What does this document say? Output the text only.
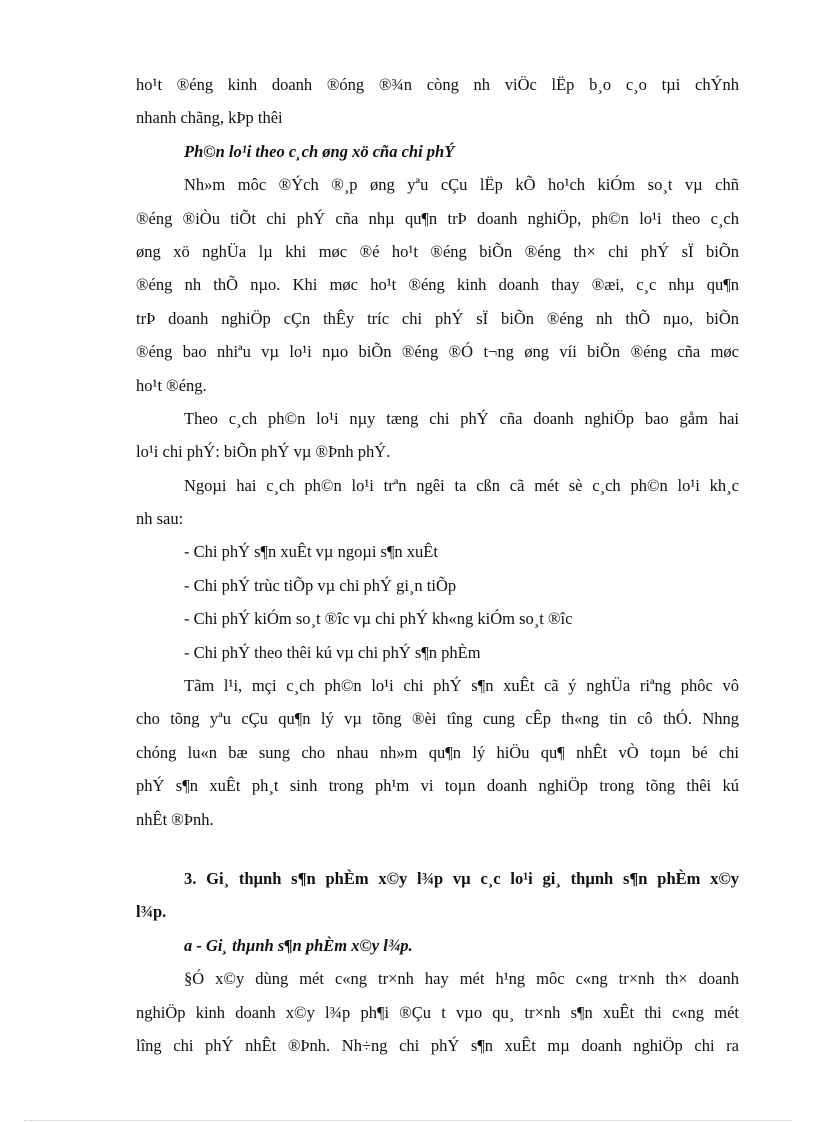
ho¹t ®éng kinh doanh ®óng ®¾n còng nh viÖc lËp b¸o c¸o tµi chÝnh
nhanh chãng, kÞp thêi
Ph©n lo¹i theo c¸ch øng xö cña chi phÝ
Nh»m môc ®Ých ®¸p øng yªu cÇu lËp kÕ ho¹ch kiÓm so¸t vµ chñ
®éng ®iÒu tiÕt chi phÝ cña nhµ qu¶n trÞ doanh nghiÖp, ph©n lo¹i theo c¸ch
øng xö nghÜa lµ khi møc ®é ho¹t ®éng biÕn ®éng th× chi phÝ sÏ biÕn
®éng nh thÕ nµo. Khi møc ho¹t ®éng kinh doanh thay ®æi, c¸c nhµ qu¶n
trÞ doanh nghiÖp cÇn thÊy tríc chi phÝ sÏ biÕn ®éng nh thÕ nµo, biÕn
®éng bao nhiªu vµ lo¹i nµo biÕn ®éng ®Ó t¬ng øng víi biÕn ®éng cña møc
ho¹t ®éng.
Theo c¸ch ph©n lo¹i nµy tæng chi phÝ cña doanh nghiÖp bao gåm hai
lo¹i chi phÝ: biÕn phÝ vµ ®Þnh phÝ.
Ngoµi hai c¸ch ph©n lo¹i trªn ngêi ta cßn cã mét sè c¸ch ph©n lo¹i kh¸c
nh sau:
- Chi phÝ s¶n xuÊt vµ ngoµi s¶n xuÊt
- Chi phÝ trùc tiÕp vµ chi phÝ gi¸n tiÕp
- Chi phÝ kiÓm so¸t ®îc vµ chi phÝ kh«ng kiÓm so¸t ®îc
- Chi phÝ theo thêi kú vµ chi phÝ s¶n phÈm
Tãm l¹i, mçi c¸ch ph©n lo¹i chi phÝ s¶n xuÊt cã ý nghÜa riªng phôc vô
cho tõng yªu cÇu qu¶n lý vµ tõng ®èi tîng cung cÊp th«ng tin cô thÓ. Nhng
chóng lu«n bæ sung cho nhau nh»m qu¶n lý hiÖu qu¶ nhÊt vÒ toµn bé chi
phÝ s¶n xuÊt ph¸t sinh trong ph¹m vi toµn doanh nghiÖp trong tõng thêi kú
nhÊt ®Þnh.
3. Gi¸ thµnh s¶n phÈm x©y l¾p vµ c¸c lo¹i gi¸ thµnh s¶n phÈm x©y
l¾p.
a - Gi¸ thµnh s¶n phÈm x©y l¾p.
§Ó x©y dùng mét c«ng tr×nh hay mét h¹ng môc c«ng tr×nh th× doanh
nghiÖp kinh doanh x©y l¾p ph¶i ®Çu t vµo qu¸ tr×nh s¶n xuÊt thi c«ng mét
lîng chi phÝ nhÊt ®Þnh. Nh÷ng chi phÝ s¶n xuÊt mµ doanh nghiÖp chi ra
